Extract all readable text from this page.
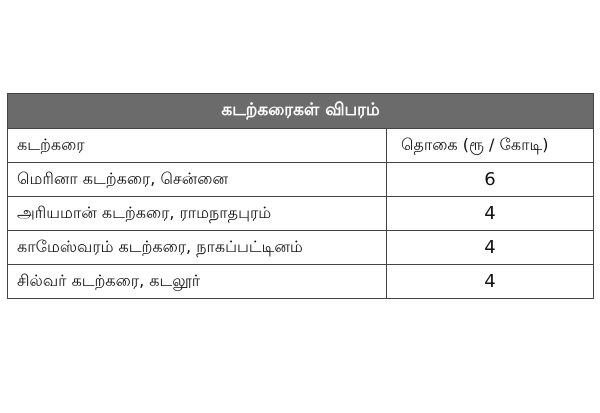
கடற்கரைகள் விபரம்	
கடற்கரை	தொகை (ரூ / கோடி)
மெரினா கடற்கரை, சென்னை	6
அரியமான் கடற்கரை, ராமநாதபுரம்	4
காமேஸ்வரம் கடற்கரை, நாகப்பட்டினம்	4
சில்வர் கடற்கரை, கடலூர்	4
